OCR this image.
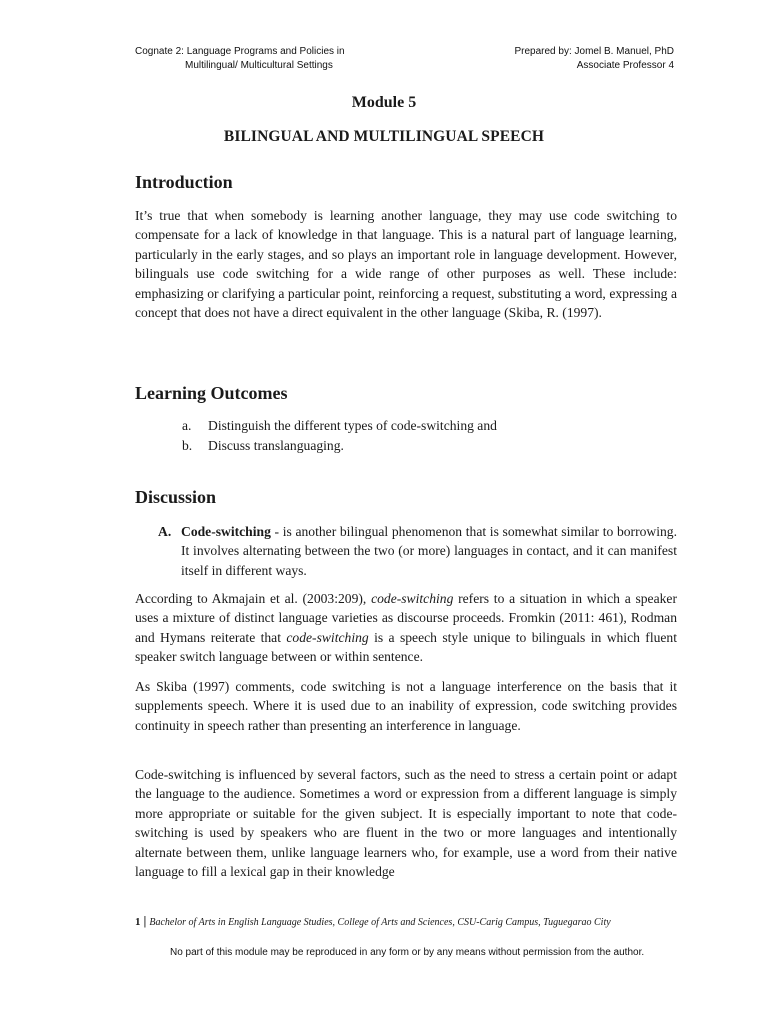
Cognate 2: Language Programs and Policies in
Multilingual/ Multicultural Settings
Prepared by: Jomel B. Manuel, PhD
Associate Professor 4
Module 5
BILINGUAL AND MULTILINGUAL SPEECH
Introduction

It’s true that when somebody is learning another language, they may use code switching to compensate for a lack of knowledge in that language. This is a natural part of language learning, particularly in the early stages, and so plays an important role in language development. However, bilinguals use code switching for a wide range of other purposes as well. These include: emphasizing or clarifying a particular point, reinforcing a request, substituting a word, expressing a concept that does not have a direct equivalent in the other language (Skiba, R. (1997).

Learning Outcomes
a. Distinguish the different types of code-switching and
b. Discuss translanguaging.
Discussion
A. Code-switching - is another bilingual phenomenon that is somewhat similar to borrowing. It involves alternating between the two (or more) languages in contact, and it can manifest itself in different ways.

According to Akmajain et al. (2003:209), code-switching refers to a situation in which a speaker uses a mixture of distinct language varieties as discourse proceeds. Fromkin (2011: 461), Rodman and Hymans reiterate that code-switching is a speech style unique to bilinguals in which fluent speaker switch language between or within sentence.

As Skiba (1997) comments, code switching is not a language interference on the basis that it supplements speech. Where it is used due to an inability of expression, code switching provides continuity in speech rather than presenting an interference in language.

Code-switching is influenced by several factors, such as the need to stress a certain point or adapt the language to the audience. Sometimes a word or expression from a different language is simply more appropriate or suitable for the given subject. It is especially important to note that code-switching is used by speakers who are fluent in the two or more languages and intentionally alternate between them, unlike language learners who, for example, use a word from their native language to fill a lexical gap in their knowledge

1 | Bachelor of Arts in English Language Studies, College of Arts and Sciences, CSU-Carig Campus, Tuguegarao City
No part of this module may be reproduced in any form or by any means without permission from the author.
